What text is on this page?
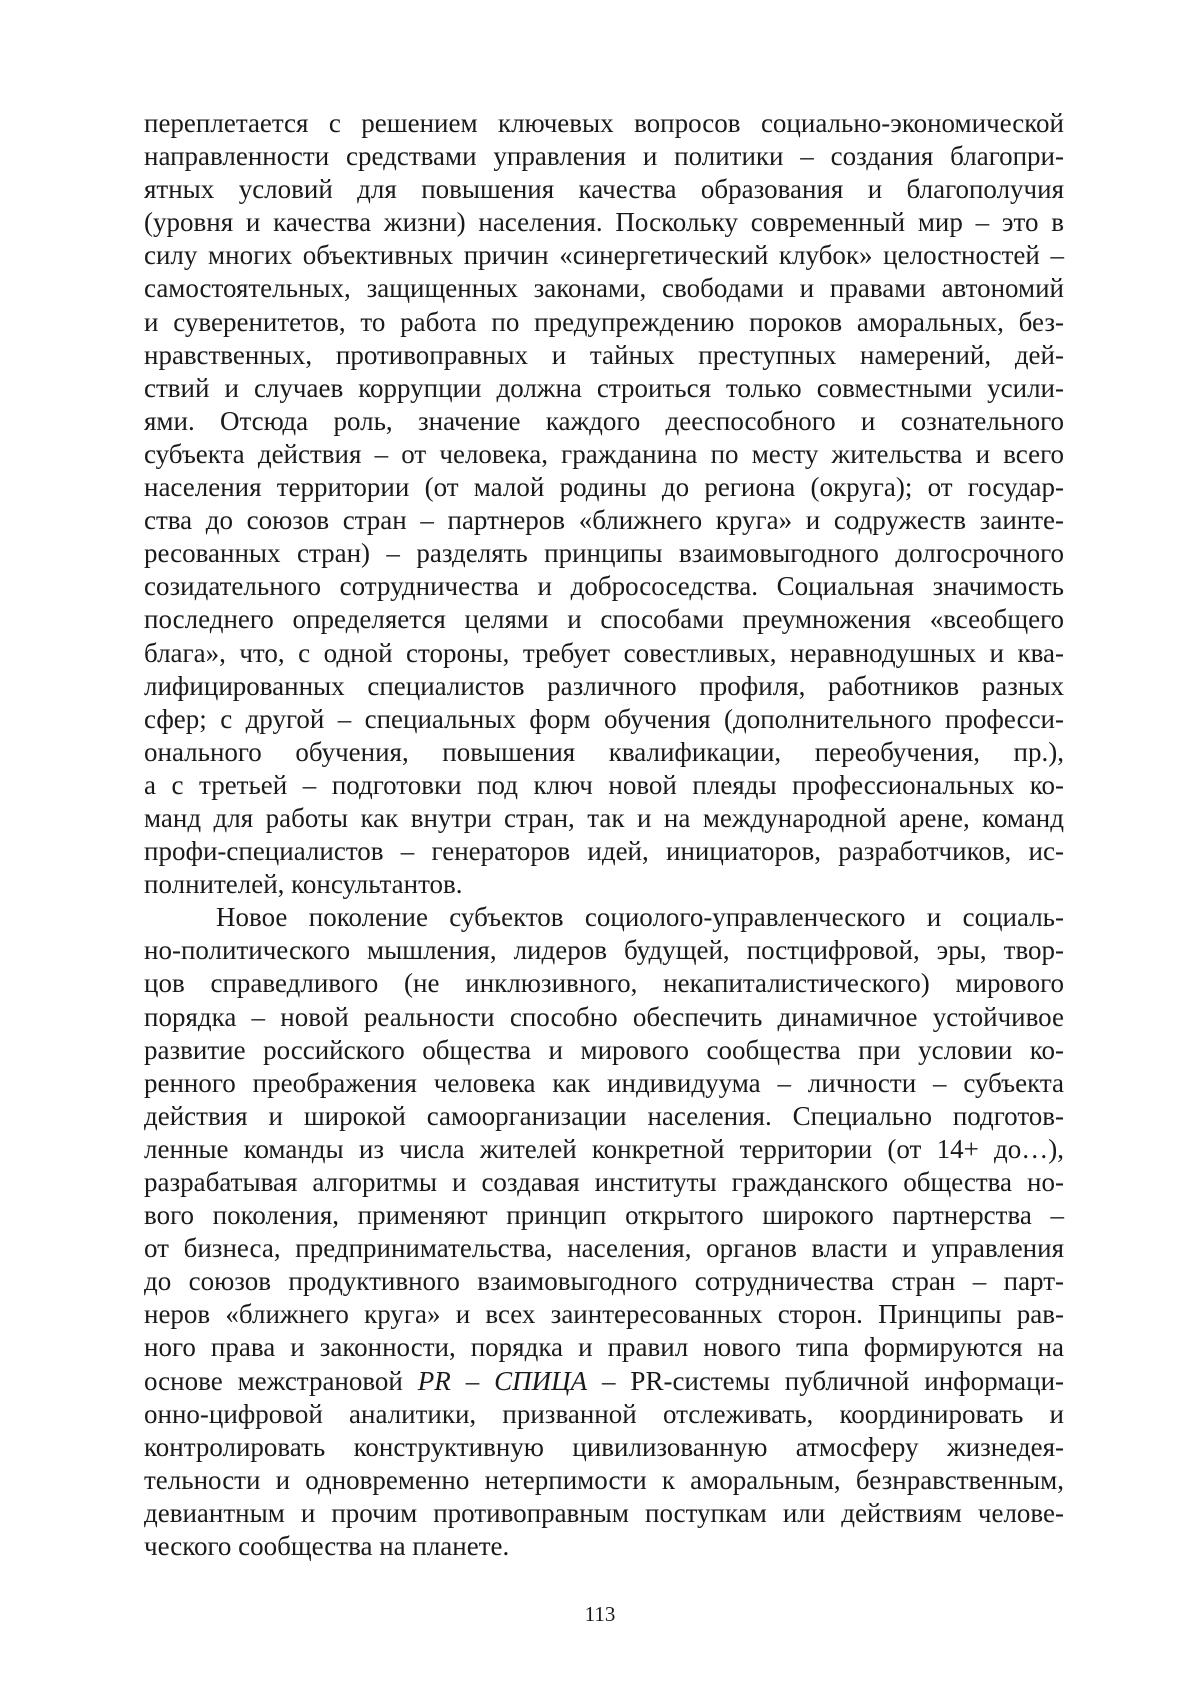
переплетается с решением ключевых вопросов социально-экономической
направленности средствами управления и политики – создания благопри-
ятных условий для повышения качества образования и благополучия
(уровня и качества жизни) населения. Поскольку современный мир – это в
силу многих объективных причин «синергетический клубок» целостностей –
самостоятельных, защищенных законами, свободами и правами автономий
и суверенитетов, то работа по предупреждению пороков аморальных, без-
нравственных, противоправных и тайных преступных намерений, дей-
ствий и случаев коррупции должна строиться только совместными усили-
ями. Отсюда роль, значение каждого дееспособного и сознательного
субъекта действия – от человека, гражданина по месту жительства и всего
населения территории (от малой родины до региона (округа); от государ-
ства до союзов стран – партнеров «ближнего круга» и содружеств заинте-
ресованных стран) – разделять принципы взаимовыгодного долгосрочного
созидательного сотрудничества и добрососедства. Социальная значимость
последнего определяется целями и способами преумножения «всеобщего
блага», что, с одной стороны, требует совестливых, неравнодушных и ква-
лифицированных специалистов различного профиля, работников разных
сфер; с другой – специальных форм обучения (дополнительного професси-
онального обучения, повышения квалификации, переобучения, пр.),
а с третьей – подготовки под ключ новой плеяды профессиональных ко-
манд для работы как внутри стран, так и на международной арене, команд
профи-специалистов – генераторов идей, инициаторов, разработчиков, ис-
полнителей, консультантов.
Новое поколение субъектов социолого-управленческого и социаль-
но-политического мышления, лидеров будущей, постцифровой, эры, твор-
цов справедливого (не инклюзивного, некапиталистического) мирового
порядка – новой реальности способно обеспечить динамичное устойчивое
развитие российского общества и мирового сообщества при условии ко-
ренного преображения человека как индивидуума – личности – субъекта
действия и широкой самоорганизации населения. Специально подготов-
ленные команды из числа жителей конкретной территории (от 14+ до…),
разрабатывая алгоритмы и создавая институты гражданского общества но-
вого поколения, применяют принцип открытого широкого партнерства –
от бизнеса, предпринимательства, населения, органов власти и управления
до союзов продуктивного взаимовыгодного сотрудничества стран – парт-
неров «ближнего круга» и всех заинтересованных сторон. Принципы рав-
ного права и законности, порядка и правил нового типа формируются на
основе межстрановой PR – СПИЦА – PR-системы публичной информаци-
онно-цифровой аналитики, призванной отслеживать, координировать и
контролировать конструктивную цивилизованную атмосферу жизнедея-
тельности и одновременно нетерпимости к аморальным, безнравственным,
девиантным и прочим противоправным поступкам или действиям челове-
ческого сообщества на планете.
113
